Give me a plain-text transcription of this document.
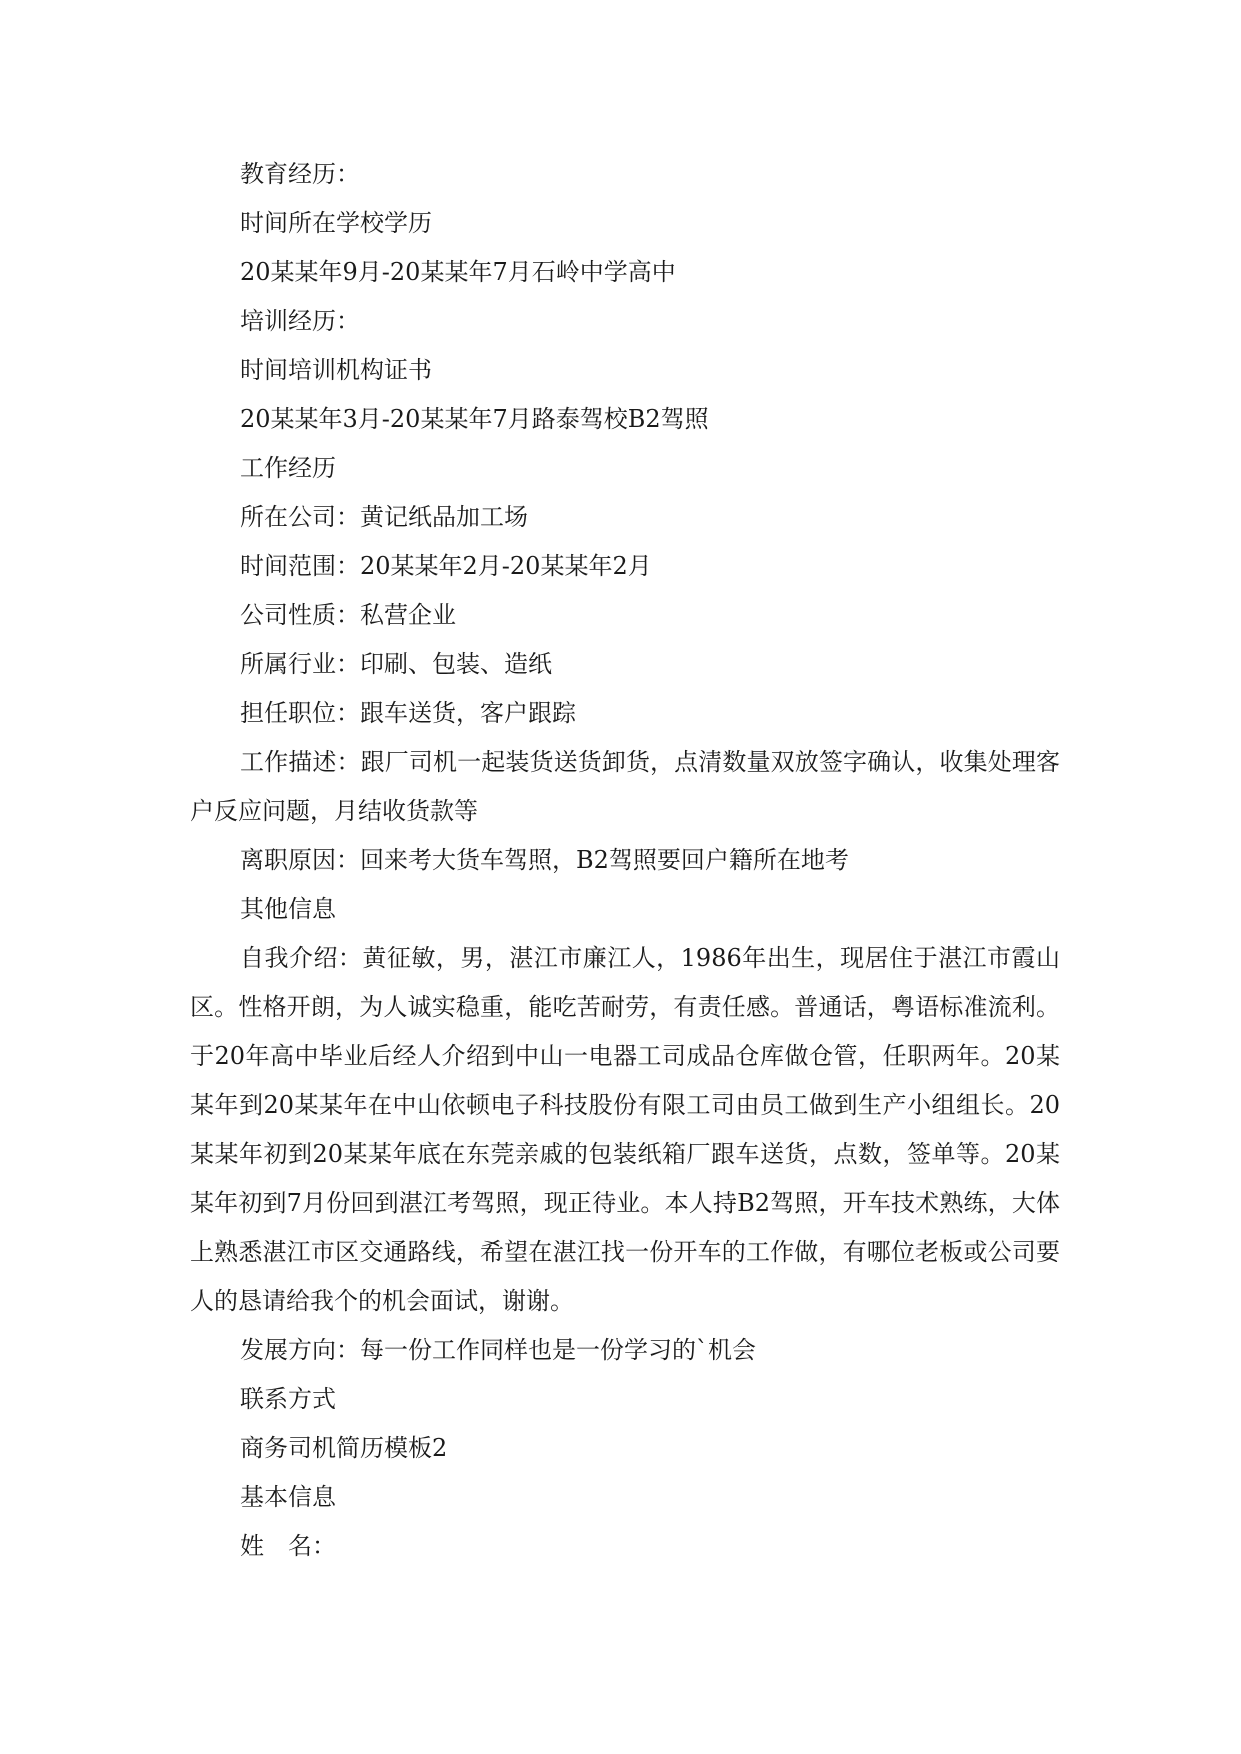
教育经历：

时间所在学校学历

20某某年9月-20某某年7月石岭中学高中

培训经历：

时间培训机构证书

20某某年3月-20某某年7月路泰驾校B2驾照

工作经历

所在公司：黄记纸品加工场

时间范围：20某某年2月-20某某年2月

公司性质：私营企业

所属行业：印刷、包装、造纸

担任职位：跟车送货，客户跟踪

工作描述：跟厂司机一起装货送货卸货，点清数量双放签字确认，收集处理客户反应问题，月结收货款等

离职原因：回来考大货车驾照，B2驾照要回户籍所在地考

其他信息

自我介绍：黄征敏，男，湛江市廉江人，1986年出生，现居住于湛江市霞山区。性格开朗，为人诚实稳重，能吃苦耐劳，有责任感。普通话，粤语标准流利。于20年高中毕业后经人介绍到中山一电器工司成品仓库做仓管，任职两年。20某某年到20某某年在中山依顿电子科技股份有限工司由员工做到生产小组组长。20某某年初到20某某年底在东莞亲戚的包装纸箱厂跟车送货，点数，签单等。20某某年初到7月份回到湛江考驾照，现正待业。本人持B2驾照，开车技术熟练，大体上熟悉湛江市区交通路线，希望在湛江找一份开车的工作做，有哪位老板或公司要人的恳请给我个的机会面试，谢谢。

发展方向：每一份工作同样也是一份学习的`机会

联系方式

商务司机简历模板2

基本信息

姓　名：
